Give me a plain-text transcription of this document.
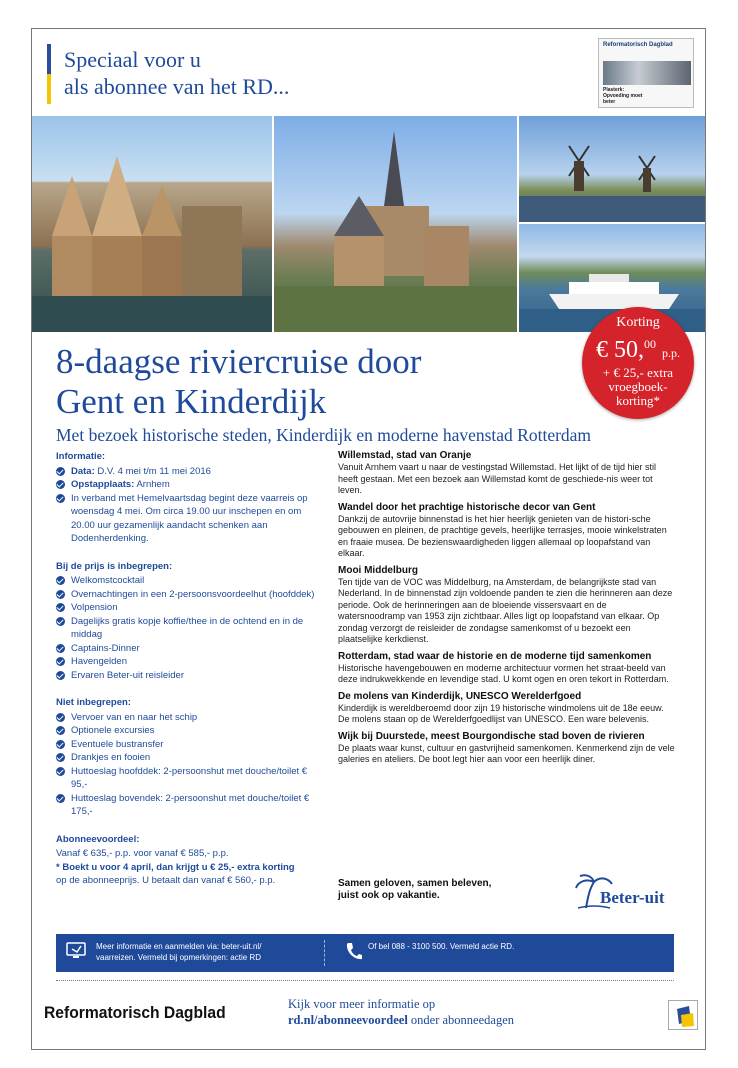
Speciaal voor u
als abonnee van het RD...
Reformatorisch Dagblad
Plasterk: Opvoeding moet beter
Korting
€ 50,00 p.p.
+ € 25,- extra
vroegboek-
korting*
8-daagse riviercruise door
Gent en Kinderdijk
Met bezoek historische steden, Kinderdijk en moderne havenstad Rotterdam
Informatie:
Data: D.V. 4 mei t/m 11 mei 2016
Opstapplaats: Arnhem
In verband met Hemelvaartsdag begint deze vaarreis op woensdag 4 mei. Om circa 19.00 uur inschepen en om 20.00 uur gezamenlijk aandacht schenken aan Dodenherdenking.
Bij de prijs is inbegrepen:
Welkomstcocktail
Overnachtingen in een 2-persoonsvoordeelhut (hoofddek)
Volpension
Dagelijks gratis kopje koffie/thee in de ochtend en in de middag
Captains-Dinner
Havengelden
Ervaren Beter-uit reisleider
Niet inbegrepen:
Vervoer van en naar het schip
Optionele excursies
Eventuele bustransfer
Drankjes en fooien
Huttoeslag hoofddek: 2-persoonshut met douche/toilet € 95,-
Huttoeslag bovendek: 2-persoonshut met douche/toilet € 175,-
Abonneevoordeel:
Vanaf € 635,- p.p. voor vanaf € 585,- p.p.
* Boekt u voor 4 april, dan krijgt u € 25,- extra korting
op de abonneeprijs. U betaalt dan vanaf € 560,- p.p.
Willemstad, stad van Oranje
Vanuit Arnhem vaart u naar de vestingstad Willemstad. Het lijkt of de tijd hier stil heeft gestaan. Met een bezoek aan Willemstad komt de geschiede-nis weer tot leven.
Wandel door het prachtige historische decor van Gent
Dankzij de autovrije binnenstad is het hier heerlijk genieten van de histori-sche gebouwen en pleinen, de prachtige gevels, heerlijke terrasjes, mooie winkelstraten en fraaie musea. De bezienswaardigheden liggen allemaal op loopafstand van elkaar.
Mooi Middelburg
Ten tijde van de VOC was Middelburg, na Amsterdam, de belangrijkste stad van Nederland. In de binnenstad zijn voldoende panden te zien die herinneren aan deze periode. Ook de herinneringen aan de bloeiende vissersvaart en de watersnoodramp van 1953 zijn zichtbaar. Alles ligt op loopafstand van elkaar. Op zondag verzorgt de reisleider de zondagse samenkomst of u bezoekt een plaatselijke kerkdienst.
Rotterdam, stad waar de historie en de moderne tijd samenkomen
Historische havengebouwen en moderne architectuur vormen het straat-beeld van deze indrukwekkende en levendige stad. U komt ogen en oren tekort in Rotterdam.
De molens van Kinderdijk, UNESCO Werelderfgoed
Kinderdijk is wereldberoemd door zijn 19 historische windmolens uit de 18e eeuw. De molens staan op de Werelderfgoedlijst van UNESCO. Een ware belevenis.
Wijk bij Duurstede, meest Bourgondische stad boven de rivieren
De plaats waar kunst, cultuur en gastvrijheid samenkomen. Kenmerkend zijn de vele galeries en ateliers. De boot legt hier aan voor een heerlijk diner.
Samen geloven, samen beleven,
juist ook op vakantie.	Beter-uit
Meer informatie en aanmelden via: beter-uit.nl/
vaarreizen. Vermeld bij opmerkingen: actie RD
Of bel 088 - 3100 500. Vermeld actie RD.
Reformatorisch Dagblad	Kijk voor meer informatie op
rd.nl/abonneevoordeel onder abonneedagen
